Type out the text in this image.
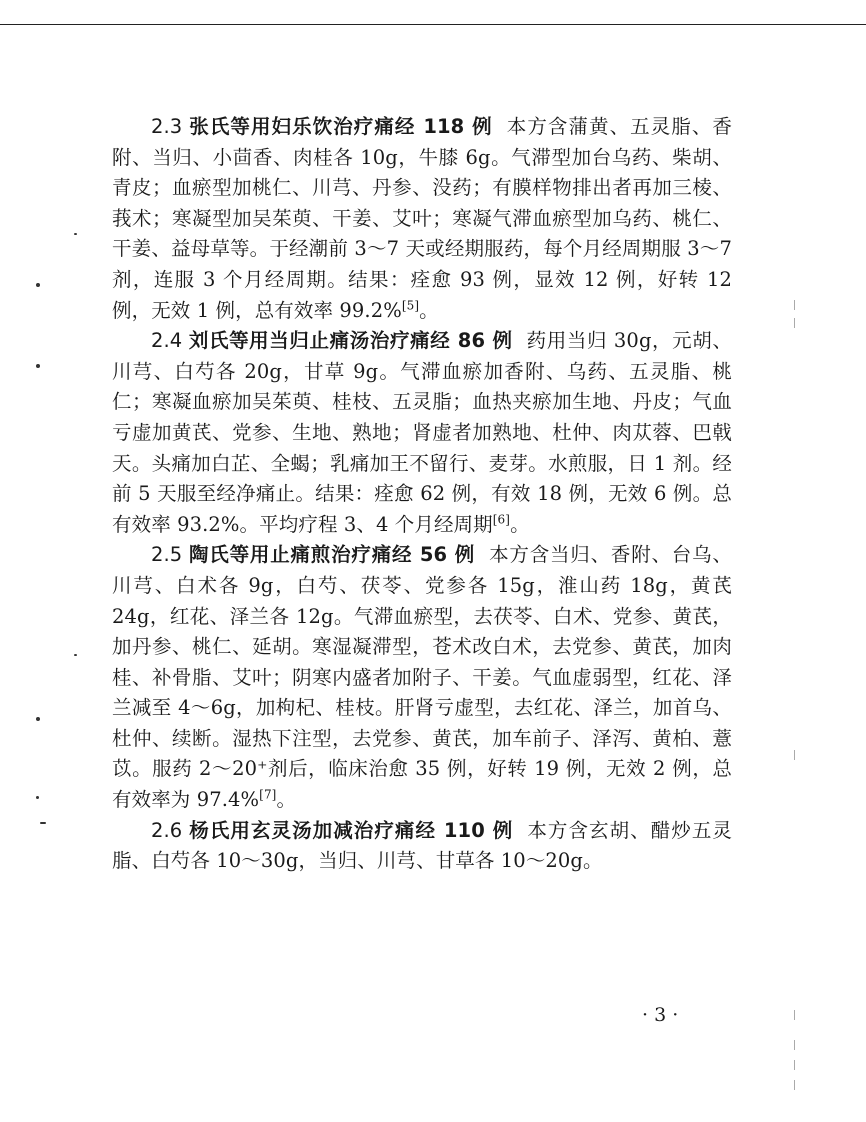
2.3 张氏等用妇乐饮治疗痛经 118 例 本方含蒲黄、五灵脂、香附、当归、小茴香、肉桂各 10g，牛膝 6g。气滞型加台乌药、柴胡、青皮；血瘀型加桃仁、川芎、丹参、没药；有膜样物排出者再加三棱、莪术；寒凝型加吴茱萸、干姜、艾叶；寒凝气滞血瘀型加乌药、桃仁、干姜、益母草等。于经潮前 3～7 天或经期服药，每个月经周期服 3～7 剂，连服 3 个月经周期。结果：痊愈 93 例，显效 12 例，好转 12 例，无效 1 例，总有效率 99.2%[5]。

2.4 刘氏等用当归止痛汤治疗痛经 86 例 药用当归 30g，元胡、川芎、白芍各 20g，甘草 9g。气滞血瘀加香附、乌药、五灵脂、桃仁；寒凝血瘀加吴茱萸、桂枝、五灵脂；血热夹瘀加生地、丹皮；气血亏虚加黄芪、党参、生地、熟地；肾虚者加熟地、杜仲、肉苁蓉、巴戟天。头痛加白芷、全蝎；乳痛加王不留行、麦芽。水煎服，日 1 剂。经前 5 天服至经净痛止。结果：痊愈 62 例，有效 18 例，无效 6 例。总有效率 93.2%。平均疗程 3、4 个月经周期[6]。

2.5 陶氏等用止痛煎治疗痛经 56 例 本方含当归、香附、台乌、川芎、白术各 9g，白芍、茯苓、党参各 15g，淮山药 18g，黄芪 24g，红花、泽兰各 12g。气滞血瘀型，去茯苓、白术、党参、黄芪，加丹参、桃仁、延胡。寒湿凝滞型，苍术改白术，去党参、黄芪，加肉桂、补骨脂、艾叶；阴寒内盛者加附子、干姜。气血虚弱型，红花、泽兰减至 4～6g，加枸杞、桂枝。肝肾亏虚型，去红花、泽兰，加首乌、杜仲、续断。湿热下注型，去党参、黄芪，加车前子、泽泻、黄柏、薏苡。服药 2～20⁺剂后，临床治愈 35 例，好转 19 例，无效 2 例，总有效率为 97.4%[7]。

2.6 杨氏用玄灵汤加减治疗痛经 110 例 本方含玄胡、醋炒五灵脂、白芍各 10～30g，当归、川芎、甘草各 10～20g。

· 3 ·
